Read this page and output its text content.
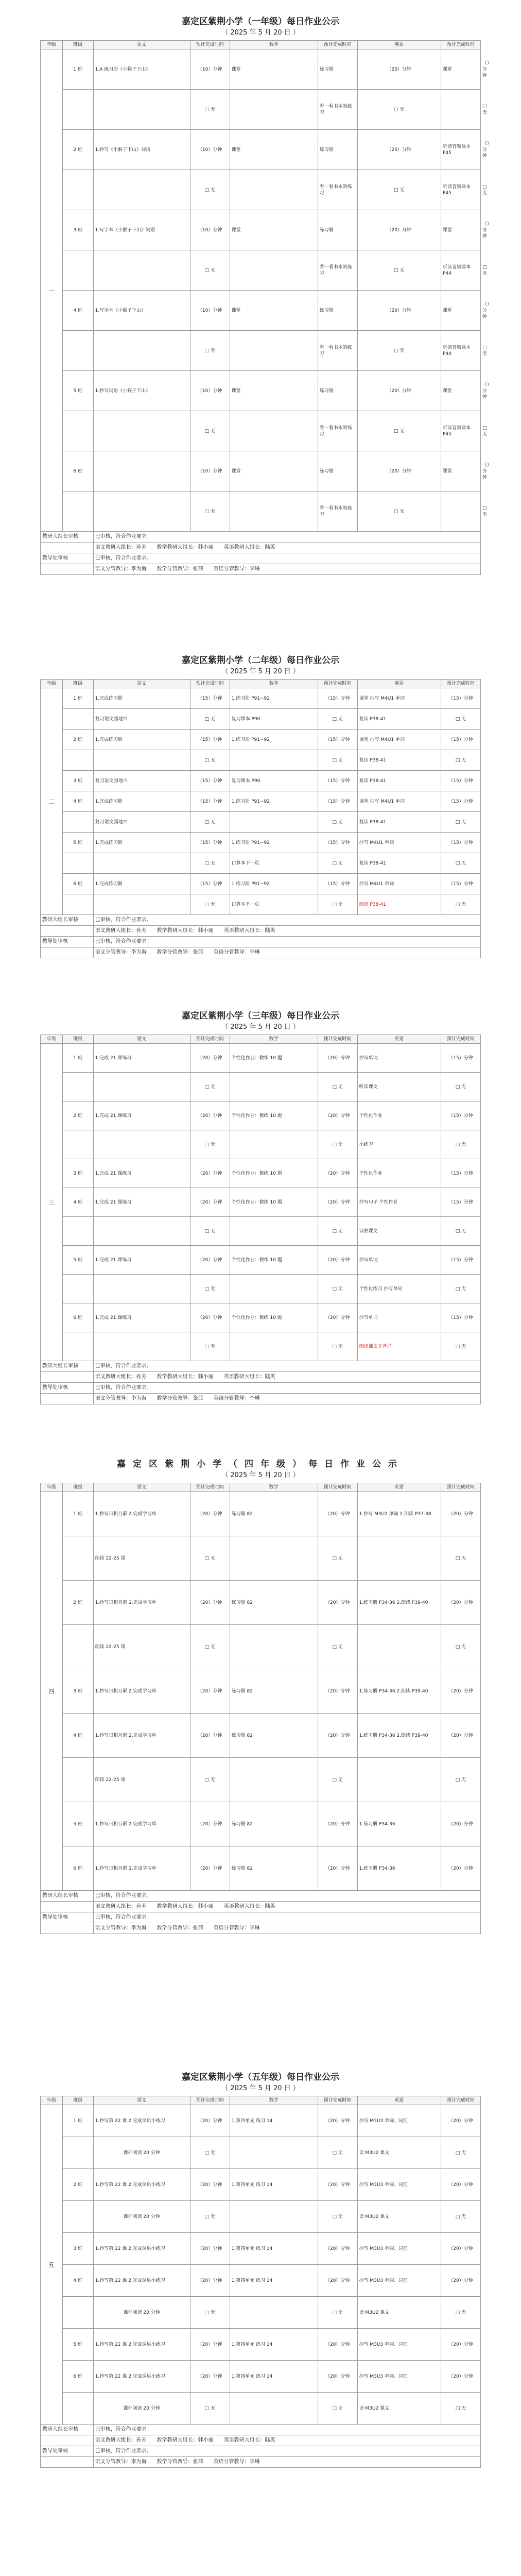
嘉定区紫荆小学（一年级）每日作业公示
（ 2025 年 5 月 20 日 ）
年级	班级	语文	预计完成时间	数学	预计完成时间	英语	预计完成时间	
一	1 班	1.A 练习册《小猴子下山》	（10）分钟	课堂	练习册	（20）分钟	课堂	（）分钟
			□ 无		看一看书本的练习	□ 无		□ 无
	2 班	1.抄写《小猴子下山》词语	（10）分钟	课堂	练习册	（20）分钟	听读音频课本 P45	（）分钟
			□ 无		看一看书本的练习	□ 无	听读音频课本 P45	□ 无
	3 班	1.写字本《小猴子下山》词语	（10）分钟	课堂	练习册	（20）分钟	课堂	（）分钟
			□ 无		看一看书本的练习	□ 无	听读音频课本 P44	□ 无
	4 班	1.写字本《小猴子下山》	（10）分钟	课堂	练习册	（20）分钟	课堂	（）分钟
			□ 无		看一看书本的练习	□ 无	听读音频课本 P44	□ 无
	5 班	1.抄写词语《小猴子下山》	（10）分钟	课堂	练习册	（20）分钟	课堂	（）分钟
			□ 无		看一看书本的练习	□ 无	听读音频课本 P45	□ 无
	6 班		（10）分钟	课堂	练习册	（20）分钟	课堂	（）分钟
			□ 无		看一看书本的练习	□ 无		□ 无
教研大组长审核		已审核，符合作业要求。						
		语文教研大组长：孙芳　　数学教研大组长：韩小丽　　英语教研大组长：陆英						
教导处审核		已审核，符合作业要求。						
		语文分管教导：李为海　　数学分管教导：张茜　　英语分管教导：李琳						
嘉定区紫荆小学（二年级）每日作业公示
（ 2025 年 5 月 20 日 ）
年级	班级	语文	预计完成时间	数学	预计完成时间	英语	预计完成时间	
二	1 班	1.完成练习册	（15）分钟	1.练习册 P91~92	（15）分钟	课堂 抄写 M4U1 单词	（15）分钟	
		复习语文园地六	□ 无	复习课本 P90	□ 无	复读 P38-41	□ 无	
	2 班	1.完成练习册	（15）分钟	1.练习册 P91~92	（15）分钟	课堂 抄写 M4U1 单词	（15）分钟	
			□ 无		□ 无	复读 P38-41	□ 无	
	3 班	复习语文园地六	（15）分钟	复习课本 P90	（15）分钟	复读 P38-41	（15）分钟	
	4 班	1.完成练习册	（15）分钟	1.练习册 P91~92	（15）分钟	课堂 抄写 M4U1 单词	（15）分钟	
		复习语文园地六	□ 无		□ 无	复读 P38-41	□ 无	
	5 班	1.完成练习册	（15）分钟	1.练习册 P91~92	（15）分钟	抄写 M4U1 单词	（15）分钟	
			□ 无	口算本下一页	□ 无	复读 P38-41	□ 无	
	6 班	1.完成练习册	（15）分钟	1.练习册 P91~92	（15）分钟	抄写 M4U1 单词	（15）分钟	
			□ 无	口算本下一页	□ 无	朗读 P38-41	□ 无	
教研大组长审核		已审核，符合作业要求。						
		语文教研大组长：孙芳　　数学教研大组长：韩小丽　　英语教研大组长：陆英						
教导处审核		已审核，符合作业要求。						
		语文分管教导：李为海　　数学分管教导：张茜　　英语分管教导：李琳						
嘉定区紫荆小学（三年级）每日作业公示
（ 2025 年 5 月 20 日 ）
年级	班级	语文	预计完成时间	数学	预计完成时间	英语	预计完成时间	
三	1 班	1.完成 21 课练习	（20）分钟	个性化作业：微练 10 题	（20）分钟	抄写单词	（15）分钟	
			□ 无		□ 无	听读课文	□ 无	
	2 班	1.完成 21 课练习	（20）分钟	个性化作业：微练 10 题	（20）分钟	个性化作业	（15）分钟	
			□ 无		□ 无	小练习	□ 无	
	3 班	1.完成 21 课练习	（20）分钟	个性化作业：微练 10 题	（20）分钟	个性化作业	（15）分钟	
	4 班	1.完成 21 课练习	（20）分钟	个性化作业：微练 10 题	（20）分钟	抄写句子 个性作业	（15）分钟	
			□ 无		□ 无	读熟课文	□ 无	
	5 班	1.完成 21 课练习	（20）分钟	个性化作业：微练 10 题	（20）分钟	抄写单词	（15）分钟	
			□ 无		□ 无	个性化练习 抄写单词	□ 无	
	6 班	1.完成 21 课练习	（20）分钟	个性化作业：微练 10 题	（20）分钟	抄写单词	（15）分钟	
			□ 无		□ 无	朗读课文并背诵	□ 无	
教研大组长审核		已审核，符合作业要求。						
		语文教研大组长：孙芳　　数学教研大组长：韩小丽　　英语教研大组长：陆英						
教导处审核		已审核，符合作业要求。						
		语文分管教导：李为海　　数学分管教导：张茜　　英语分管教导：李琳						
嘉定区紫荆小学（四年级）每日作业公示
（ 2025 年 5 月 20 日 ）
年级	班级	语文	预计完成时间	数学	预计完成时间	英语	预计完成时间	
四	1 班	1.抄写日积月累 2.完成学习单	（20）分钟	练习册 82	（20）分钟	1.抄写 M3U2 单词 2.朗读 P37-38	（20）分钟	
		朗读 22-25 课	□ 无		□ 无		□ 无	
	2 班	1.抄写日积月累 2.完成学习单	（20）分钟	练习册 82	（20）分钟	1.练习册 P34-36 2.朗读 P39-40	（20）分钟	
		朗读 22-25 课	□ 无		□ 无		□ 无	
	3 班	1.抄写日积月累 2.完成学习单	（20）分钟	练习册 82	（20）分钟	1.练习册 P34-36 2.朗读 P39-40	（20）分钟	
	4 班	1.抄写日积月累 2.完成学习单	（20）分钟	练习册 82	（20）分钟	1.练习册 P34-36 2.朗读 P39-40	（20）分钟	
		朗读 22-25 课	□ 无		□ 无		□ 无	
	5 班	1.抄写日积月累 2.完成学习单	（20）分钟	练习册 82	（20）分钟	1.练习册 P34-36	（20）分钟	
	6 班	1.抄写日积月累 2.完成学习单	（20）分钟	练习册 82	（20）分钟	1.练习册 P34-36	（20）分钟	
教研大组长审核		已审核，符合作业要求。						
		语文教研大组长：孙芳　　数学教研大组长：韩小丽　　英语教研大组长：陆英						
教导处审核		已审核，符合作业要求。						
		语文分管教导：李为海　　数学分管教导：张茜　　英语分管教导：李琳						
嘉定区紫荆小学（五年级）每日作业公示
（ 2025 年 5 月 20 日 ）
年级	班级	语文	预计完成时间	数学	预计完成时间	英语	预计完成时间	
五	1 班	1.抄写第 22 课 2.完成课后小练习	（20）分钟	1.第四单元 练习 14	（20）分钟	抄写 M3U3 单词、词汇	（20）分钟	
		课外阅读 20 分钟	□ 无		□ 无	读 M3U2 课文	□ 无	
	2 班	1.抄写第 22 课 2.完成课后小练习	（20）分钟	1.第四单元 练习 14	（20）分钟	抄写 M3U3 单词、词汇	（20）分钟	
		课外阅读 20 分钟	□ 无		□ 无	读 M3U2 课文	□ 无	
	3 班	1.抄写第 22 课 2.完成课后小练习	（20）分钟	1.第四单元 练习 14	（20）分钟	抄写 M3U3 单词、词汇	（20）分钟	
	4 班	1.抄写第 22 课 2.完成课后小练习	（20）分钟	1.第四单元 练习 14	（20）分钟	抄写 M3U3 单词、词汇	（20）分钟	
		课外阅读 20 分钟	□ 无		□ 无	读 M3U2 课文	□ 无	
	5 班	1.抄写第 22 课 2.完成课后小练习	（20）分钟	1.第四单元 练习 14	（20）分钟	抄写 M3U3 单词、词汇	（20）分钟	
	6 班	1.抄写第 22 课 2.完成课后小练习	（20）分钟	1.第四单元 练习 14	（20）分钟	抄写 M3U3 单词、词汇	（20）分钟	
		课外阅读 20 分钟	□ 无		□ 无	读 M3U2 课文	□ 无	
教研大组长审核		已审核，符合作业要求。						
		语文教研大组长：孙芳　　数学教研大组长：韩小丽　　英语教研大组长：陆英						
教导处审核		已审核，符合作业要求。						
		语文分管教导：李为海　　数学分管教导：张茜　　英语分管教导：李琳						
